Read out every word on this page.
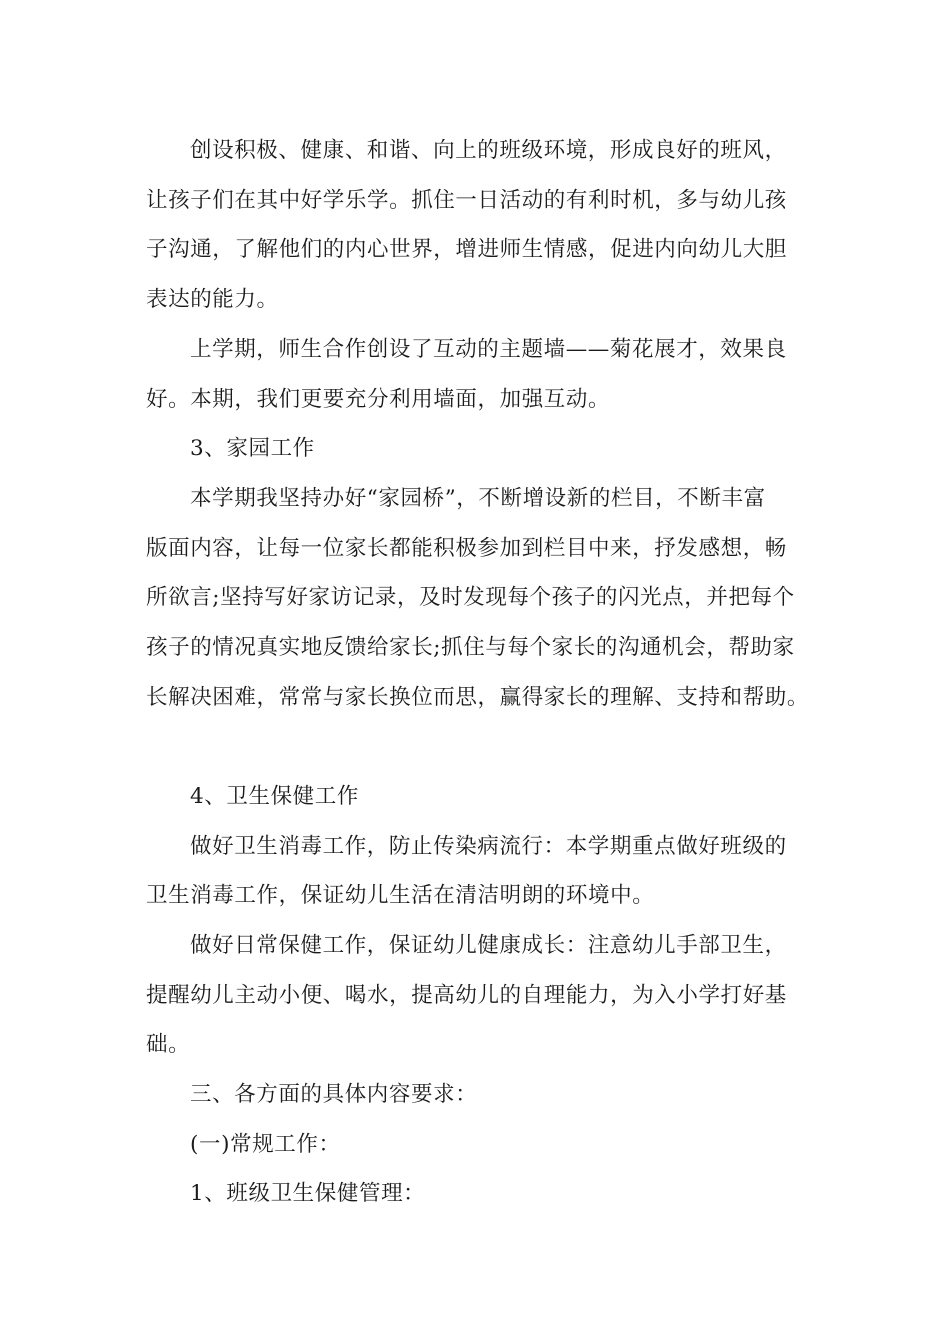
创设积极、健康、和谐、向上的班级环境，形成良好的班风，
让孩子们在其中好学乐学。抓住一日活动的有利时机，多与幼儿孩
子沟通，了解他们的内心世界，增进师生情感，促进内向幼儿大胆
表达的能力。
上学期，师生合作创设了互动的主题墙——菊花展才，效果良
好。本期，我们更要充分利用墙面，加强互动。
3、家园工作
本学期我坚持办好“家园桥”，不断增设新的栏目，不断丰富
版面内容，让每一位家长都能积极参加到栏目中来，抒发感想，畅
所欲言;坚持写好家访记录，及时发现每个孩子的闪光点，并把每个
孩子的情况真实地反馈给家长;抓住与每个家长的沟通机会，帮助家
长解决困难，常常与家长换位而思，赢得家长的理解、支持和帮助。
4、卫生保健工作
做好卫生消毒工作，防止传染病流行：本学期重点做好班级的
卫生消毒工作，保证幼儿生活在清洁明朗的环境中。
做好日常保健工作，保证幼儿健康成长：注意幼儿手部卫生，
提醒幼儿主动小便、喝水，提高幼儿的自理能力，为入小学打好基
础。
三、各方面的具体内容要求：
(一)常规工作：
1、班级卫生保健管理：
